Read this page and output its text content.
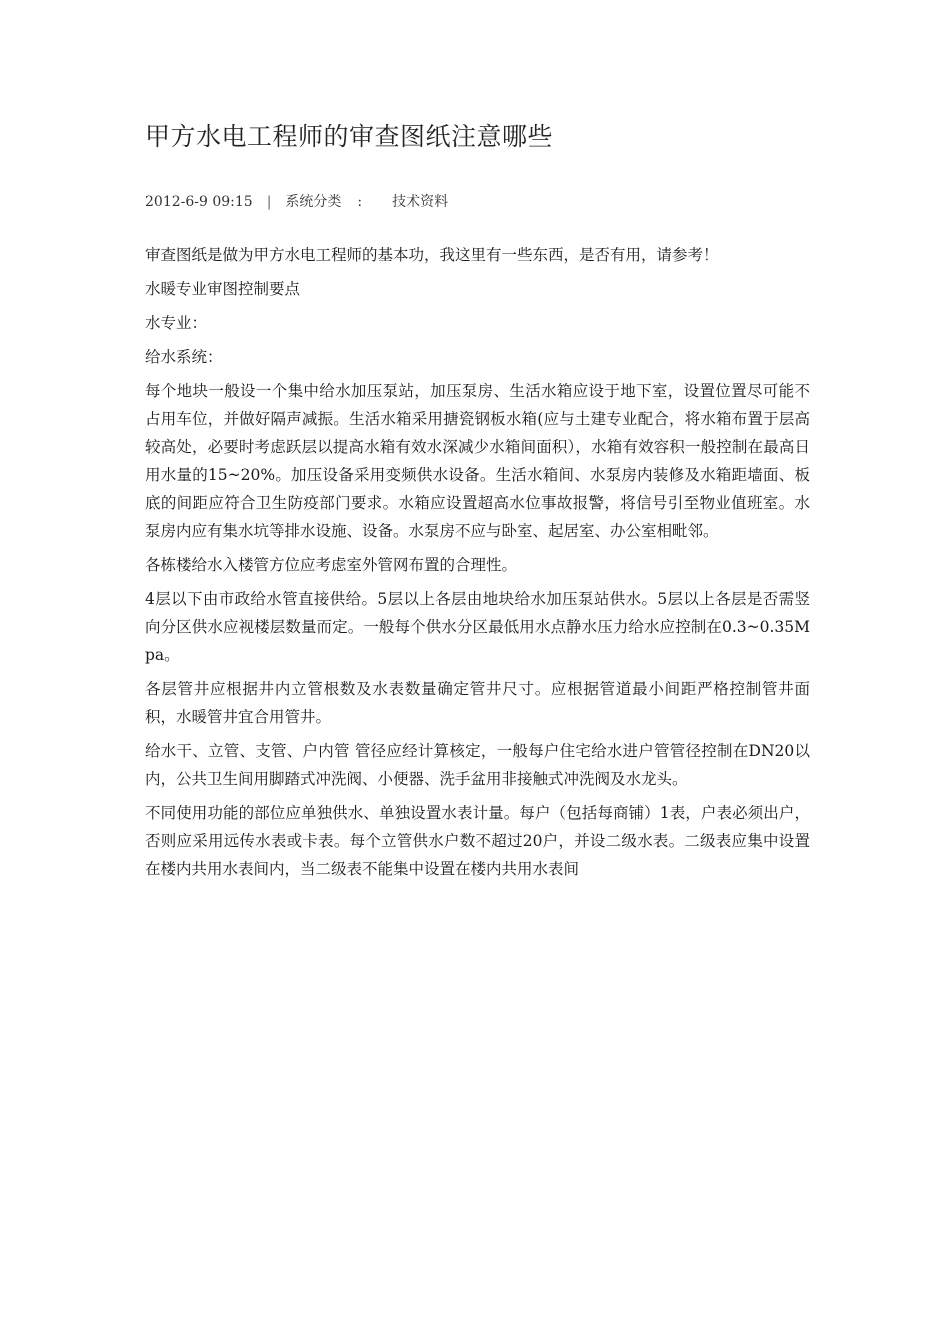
甲方水电工程师的审查图纸注意哪些
2012-6-9 09:15 | 系统分类 : 技术资料

审查图纸是做为甲方水电工程师的基本功，我这里有一些东西，是否有用，请参考！

水暖专业审图控制要点

水专业：

给水系统：

每个地块一般设一个集中给水加压泵站，加压泵房、生活水箱应设于地下室，设置位置尽可能不占用车位，并做好隔声减振。生活水箱采用搪瓷钢板水箱(应与土建专业配合，将水箱布置于层高较高处，必要时考虑跃层以提高水箱有效水深减少水箱间面积），水箱有效容积一般控制在最高日用水量的15~20%。加压设备采用变频供水设备。生活水箱间、水泵房内装修及水箱距墙面、板底的间距应符合卫生防疫部门要求。水箱应设置超高水位事故报警，将信号引至物业值班室。水泵房内应有集水坑等排水设施、设备。水泵房不应与卧室、起居室、办公室相毗邻。

各栋楼给水入楼管方位应考虑室外管网布置的合理性。

4层以下由市政给水管直接供给。5层以上各层由地块给水加压泵站供水。5层以上各层是否需竖向分区供水应视楼层数量而定。一般每个供水分区最低用水点静水压力给水应控制在0.3~0.35Mpa。

各层管井应根据井内立管根数及水表数量确定管井尺寸。应根据管道最小间距严格控制管井面积，水暖管井宜合用管井。

给水干、立管、支管、户内管 管径应经计算核定，一般每户住宅给水进户管管径控制在DN20以内，公共卫生间用脚踏式冲洗阀、小便器、洗手盆用非接触式冲洗阀及水龙头。

不同使用功能的部位应单独供水、单独设置水表计量。每户（包括每商铺）1表，户表必须出户，否则应采用远传水表或卡表。每个立管供水户数不超过20户，并设二级水表。二级表应集中设置在楼内共用水表间内，当二级表不能集中设置在楼内共用水表间
